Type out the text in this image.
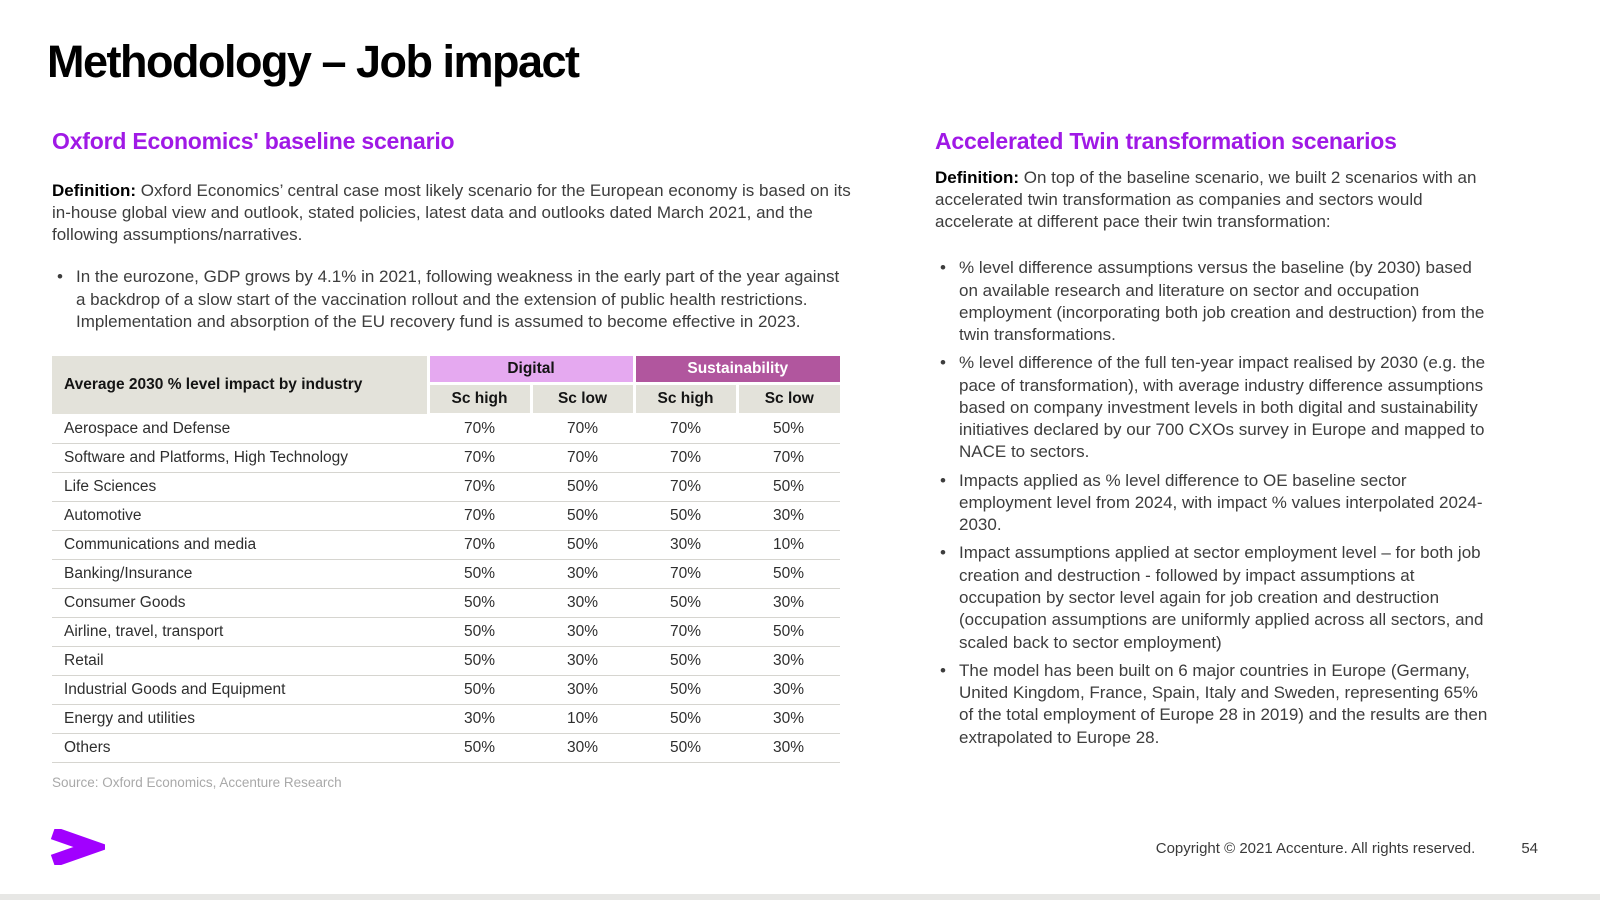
Methodology – Job impact
Oxford Economics' baseline scenario

Definition: Oxford Economics’ central case most likely scenario for the European economy is based on its in-house global view and outlook, stated policies, latest data and outlooks dated March 2021, and the following assumptions/narratives.

• In the eurozone, GDP grows by 4.1% in 2021, following weakness in the early part of the year against a backdrop of a slow start of the vaccination rollout and the extension of public health restrictions. Implementation and absorption of the EU recovery fund is assumed to become effective in 2023.
Average 2030 % level impact by industry	Digital		Sustainability	
	Sc high	Sc low	Sc high	Sc low
Aerospace and Defense	70%	70%	70%	50%
Software and Platforms, High Technology	70%	70%	70%	70%
Life Sciences	70%	50%	70%	50%
Automotive	70%	50%	50%	30%
Communications and media	70%	50%	30%	10%
Banking/Insurance	50%	30%	70%	50%
Consumer Goods	50%	30%	50%	30%
Airline, travel, transport	50%	30%	70%	50%
Retail	50%	30%	50%	30%
Industrial Goods and Equipment	50%	30%	50%	30%
Energy and utilities	30%	10%	50%	30%
Others	50%	30%	50%	30%
Source: Oxford Economics, Accenture Research
Accelerated Twin transformation scenarios

Definition: On top of the baseline scenario, we built 2 scenarios with an accelerated twin transformation as companies and sectors would accelerate at different pace their twin transformation:

• % level difference assumptions versus the baseline (by 2030) based on available research and literature on sector and occupation employment (incorporating both job creation and destruction) from the twin transformations.
• % level difference of the full ten-year impact realised by 2030 (e.g. the pace of transformation), with average industry difference assumptions based on company investment levels in both digital and sustainability initiatives declared by our 700 CXOs survey in Europe and mapped to NACE to sectors.
• Impacts applied as % level difference to OE baseline sector employment level from 2024, with impact % values interpolated 2024-2030.
• Impact assumptions applied at sector employment level – for both job creation and destruction - followed by impact assumptions at occupation by sector level again for job creation and destruction (occupation assumptions are uniformly applied across all sectors, and scaled back to sector employment)
• The model has been built on 6 major countries in Europe (Germany, United Kingdom, France, Spain, Italy and Sweden, representing 65% of the total employment of Europe 28 in 2019) and the results are then extrapolated to Europe 28.
Copyright © 2021 Accenture. All rights reserved.	54
